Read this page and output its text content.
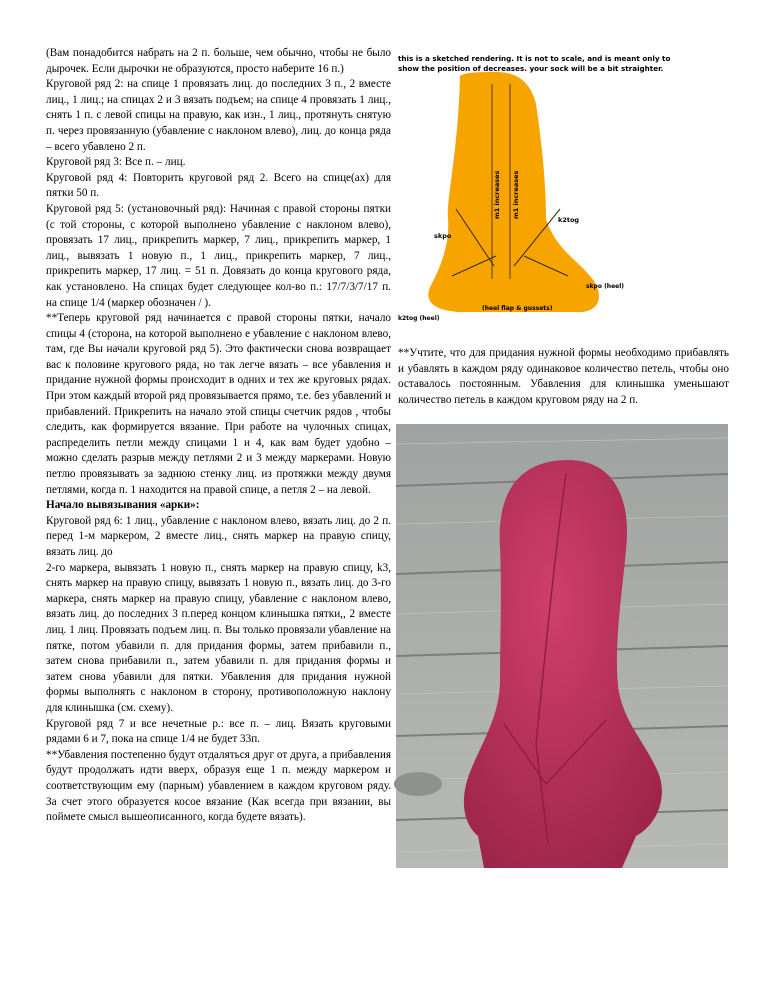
(Вам понадобится набрать на 2 п. больше, чем обычно, чтобы не было дырочек. Если дырочки не образуются, просто наберите 16 п.)

Круговой ряд 2: на спице 1 провязать лиц. до последних 3 п., 2 вместе лиц., 1 лиц.; на спицах 2 и 3 вязать подъем; на спице 4 провязать 1 лиц., снять 1 п. с левой спицы на правую, как изн., 1 лиц., протянуть снятую п. через провязанную (убавление с наклоном влево), лиц. до конца ряда – всего убавлено 2 п.

Круговой ряд 3: Все п. – лиц.

Круговой ряд 4: Повторить круговой ряд 2. Всего на спице(ах) для пятки 50 п.

Круговой ряд 5: (установочный ряд): Начиная с правой стороны пятки (с той стороны, с которой выполнено убавление с наклоном влево), провязать 17 лиц., прикрепить маркер, 7 лиц., прикрепить маркер, 1 лиц., вывязать 1 новую п., 1 лиц., прикрепить маркер, 7 лиц., прикрепить маркер, 17 лиц. = 51 п. Довязать до конца кругового ряда, как установлено. На спицах будет следующее кол-во п.: 17/7/3/7/17 п. на спице 1/4 (маркер обозначен / ).

**Теперь круговой ряд начинается с правой стороны пятки, начало спицы 4 (сторона, на которой выполнено е убавление с наклоном влево, там, где Вы начали круговой ряд 5). Это фактически снова возвращает вас к половине кругового ряда, но так легче вязать – все убавления и придание нужной формы происходит в одних и тех же круговых рядах. При этом каждый второй ряд провязывается прямо, т.е. без убавлений и прибавлений. Прикрепить на начало этой спицы счетчик рядов , чтобы следить, как формируется вязание. При работе на чулочных спицах, распределить петли между спицами 1 и 4, как вам будет удобно – можно сделать разрыв между петлями 2 и 3 между маркерами. Новую петлю провязывать за заднюю стенку лиц. из протяжки между двумя петлями, когда п. 1 находится на правой спице, а петля 2 – на левой.

Начало вывязывания «арки»:

Круговой ряд 6: 1 лиц., убавление с наклоном влево, вязать лиц. до 2 п. перед 1-м маркером, 2 вместе лиц., снять маркер на правую спицу, вязать лиц. до

2-го маркера, вывязать 1 новую п., снять маркер на правую спицу, k3, снять маркер на правую спицу, вывязать 1 новую п., вязать лиц. до 3-го маркера, снять маркер на правую спицу, убавление с наклоном влево, вязать лиц. до последних 3 п.перед концом клинышка пятки,, 2 вместе лиц. 1 лиц. Провязать подъем лиц. п. Вы только провязали убавление на пятке, потом убавили п. для придания формы, затем прибавили п., затем снова прибавили п., затем убавили п. для придания формы и затем снова убавили для пятки. Убавления для придания нужной формы выполнять с наклоном в сторону, противоположную наклону для клинышка (см. схему).

Круговой ряд 7 и все нечетные р.: все п. – лиц. Вязать круговыми рядами 6 и 7, пока на спице 1/4 не будет 33п.

**Убавления постепенно будут отдаляться друг от друга, а прибавления будут продолжать идти вверх, образуя еще 1 п. между маркером и соответствующим ему (парным) убавлением в каждом круговом ряду. За счет этого образуется косое вязание (Как всегда при вязании, вы поймете смысл вышеописанного, когда будете вязать).

this is a sketched rendering. It is not to scale, and is meant only to
show the position of decreases. your sock will be a bit straighter.
m1 increases m1 increases
k2tog
skpo
skpo (heel)
(heel flap & gussets)
k2tog (heel)

**Учтите, что для придания нужной формы необходимо прибавлять и убавлять в каждом ряду одинаковое количество петель, чтобы оно оставалось постоянным. Убавления для клинышка уменьшают количество петель в каждом круговом ряду на 2 п.
